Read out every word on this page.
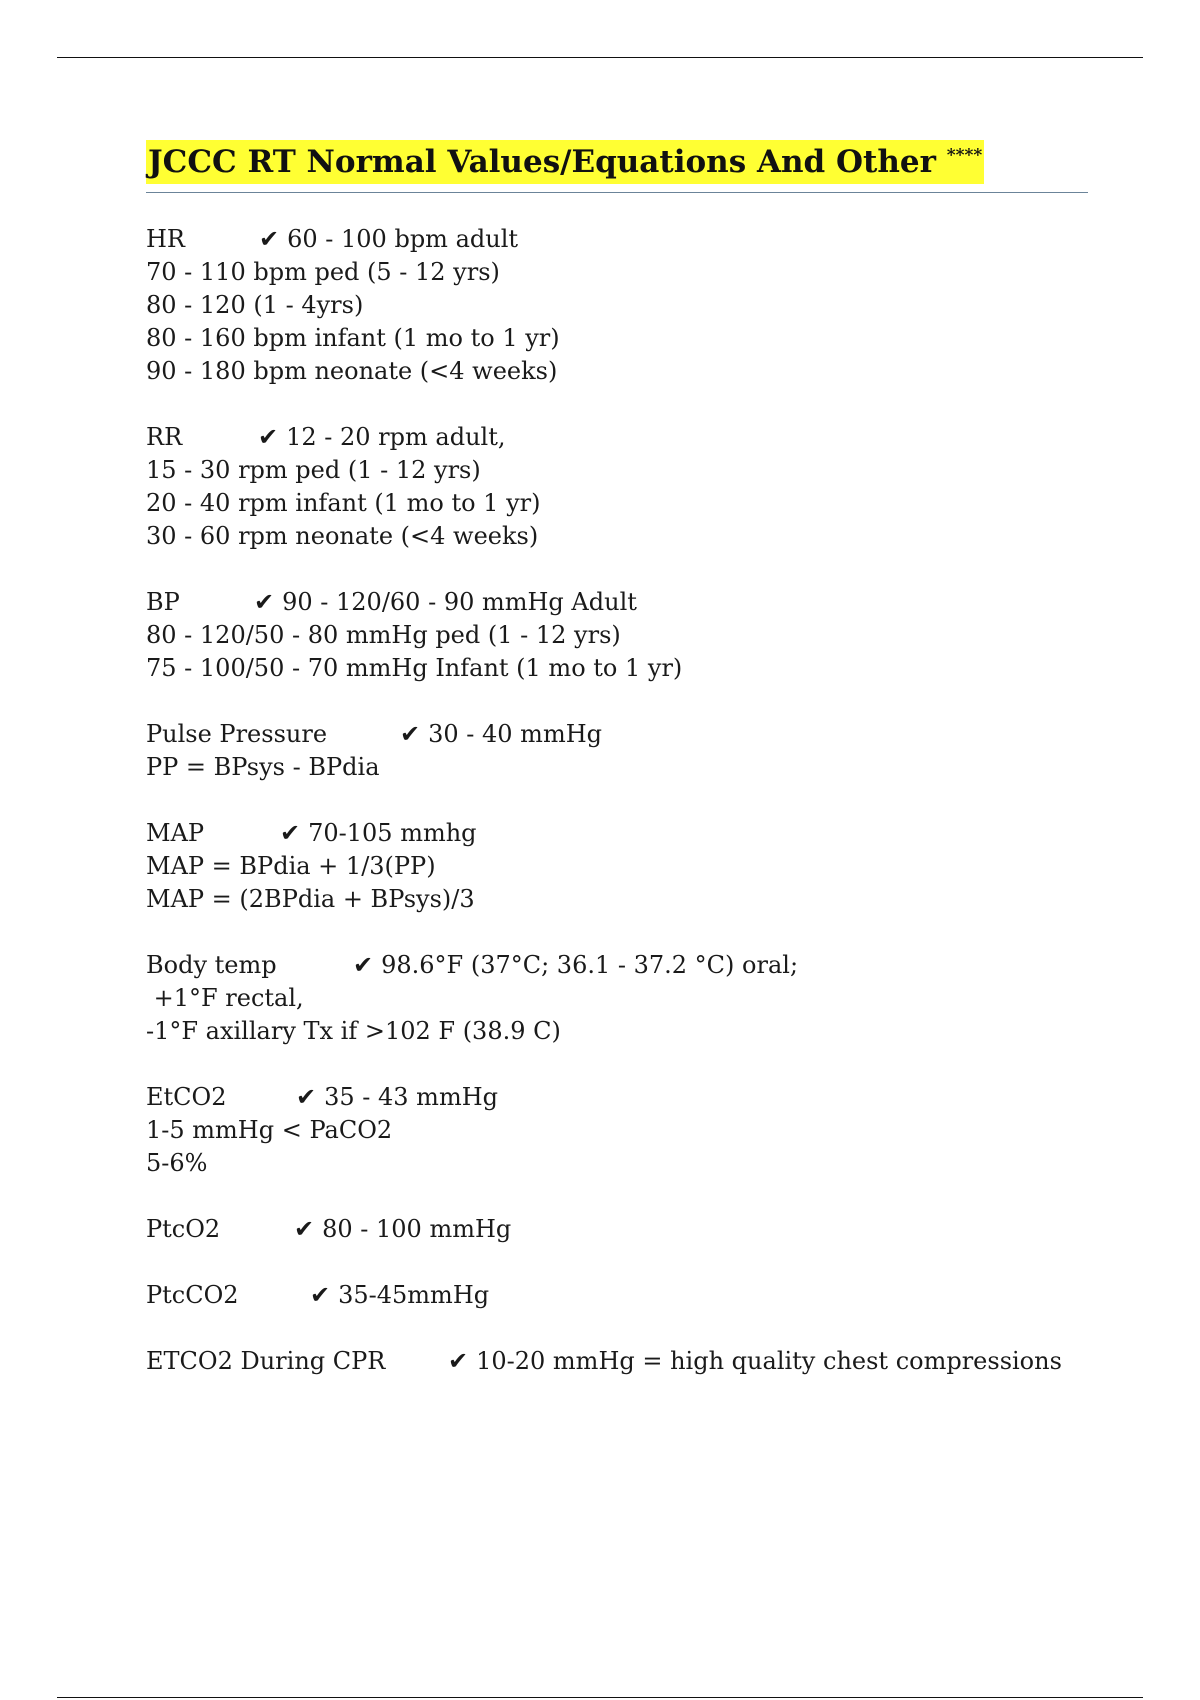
JCCC RT Normal Values/Equations And Other ****
HR	✔ 60 - 100 bpm adult
70 - 110 bpm ped (5 - 12 yrs)
80 - 120 (1 - 4yrs)
80 - 160 bpm infant (1 mo to 1 yr)
90 - 180 bpm neonate (<4 weeks)
RR	✔ 12 - 20 rpm adult,
15 - 30 rpm ped (1 - 12 yrs)
20 - 40 rpm infant (1 mo to 1 yr)
30 - 60 rpm neonate (<4 weeks)
BP	✔ 90 - 120/60 - 90 mmHg Adult
80 - 120/50 - 80 mmHg ped (1 - 12 yrs)
75 - 100/50 - 70 mmHg Infant (1 mo to 1 yr)
Pulse Pressure	✔ 30 - 40 mmHg
PP = BPsys - BPdia
MAP	✔ 70-105 mmhg
MAP = BPdia + 1/3(PP)
MAP = (2BPdia + BPsys)/3
Body temp	✔ 98.6°F (37°C; 36.1 - 37.2 °C) oral;
+1°F rectal,
-1°F axillary Tx if >102 F (38.9 C)
EtCO2	✔ 35 - 43 mmHg
1-5 mmHg < PaCO2
5-6%
PtcO2	✔ 80 - 100 mmHg
PtcCO2	✔ 35-45mmHg
ETCO2 During CPR	✔ 10-20 mmHg = high quality chest compressions
